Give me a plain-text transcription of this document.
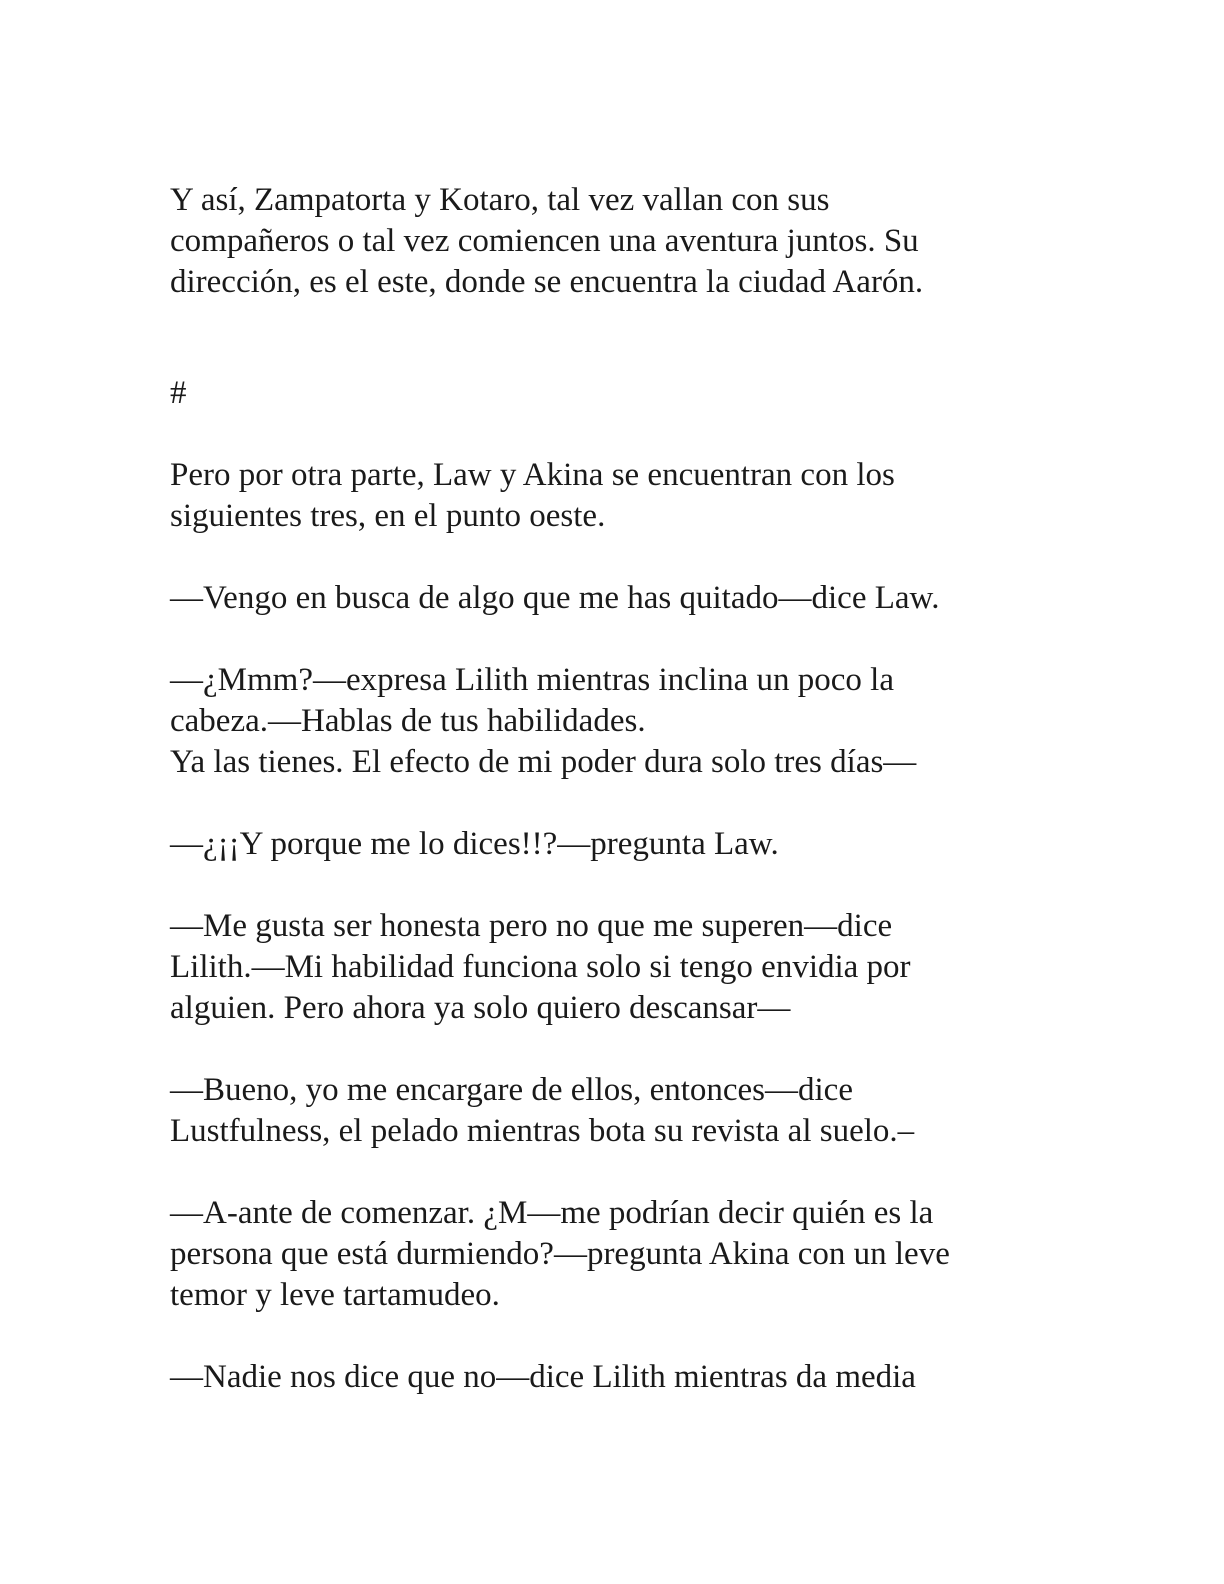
Y así, Zampatorta y Kotaro, tal vez vallan con sus
compañeros o tal vez comiencen una aventura juntos. Su
dirección, es el este, donde se encuentra la ciudad Aarón.

#

Pero por otra parte, Law y Akina se encuentran con los
siguientes tres, en el punto oeste.

—Vengo en busca de algo que me has quitado—dice Law.

—¿Mmm?—expresa Lilith mientras inclina un poco la
cabeza.—Hablas de tus habilidades.
Ya las tienes. El efecto de mi poder dura solo tres días—

—¿¡¡Y porque me lo dices!!?—pregunta Law.

—Me gusta ser honesta pero no que me superen—dice
Lilith.—Mi habilidad funciona solo si tengo envidia por
alguien. Pero ahora ya solo quiero descansar—

—Bueno, yo me encargare de ellos, entonces—dice
Lustfulness, el pelado mientras bota su revista al suelo.–

—A-ante de comenzar. ¿M—me podrían decir quién es la
persona que está durmiendo?—pregunta Akina con un leve
temor y leve tartamudeo.

—Nadie nos dice que no—dice Lilith mientras da media
